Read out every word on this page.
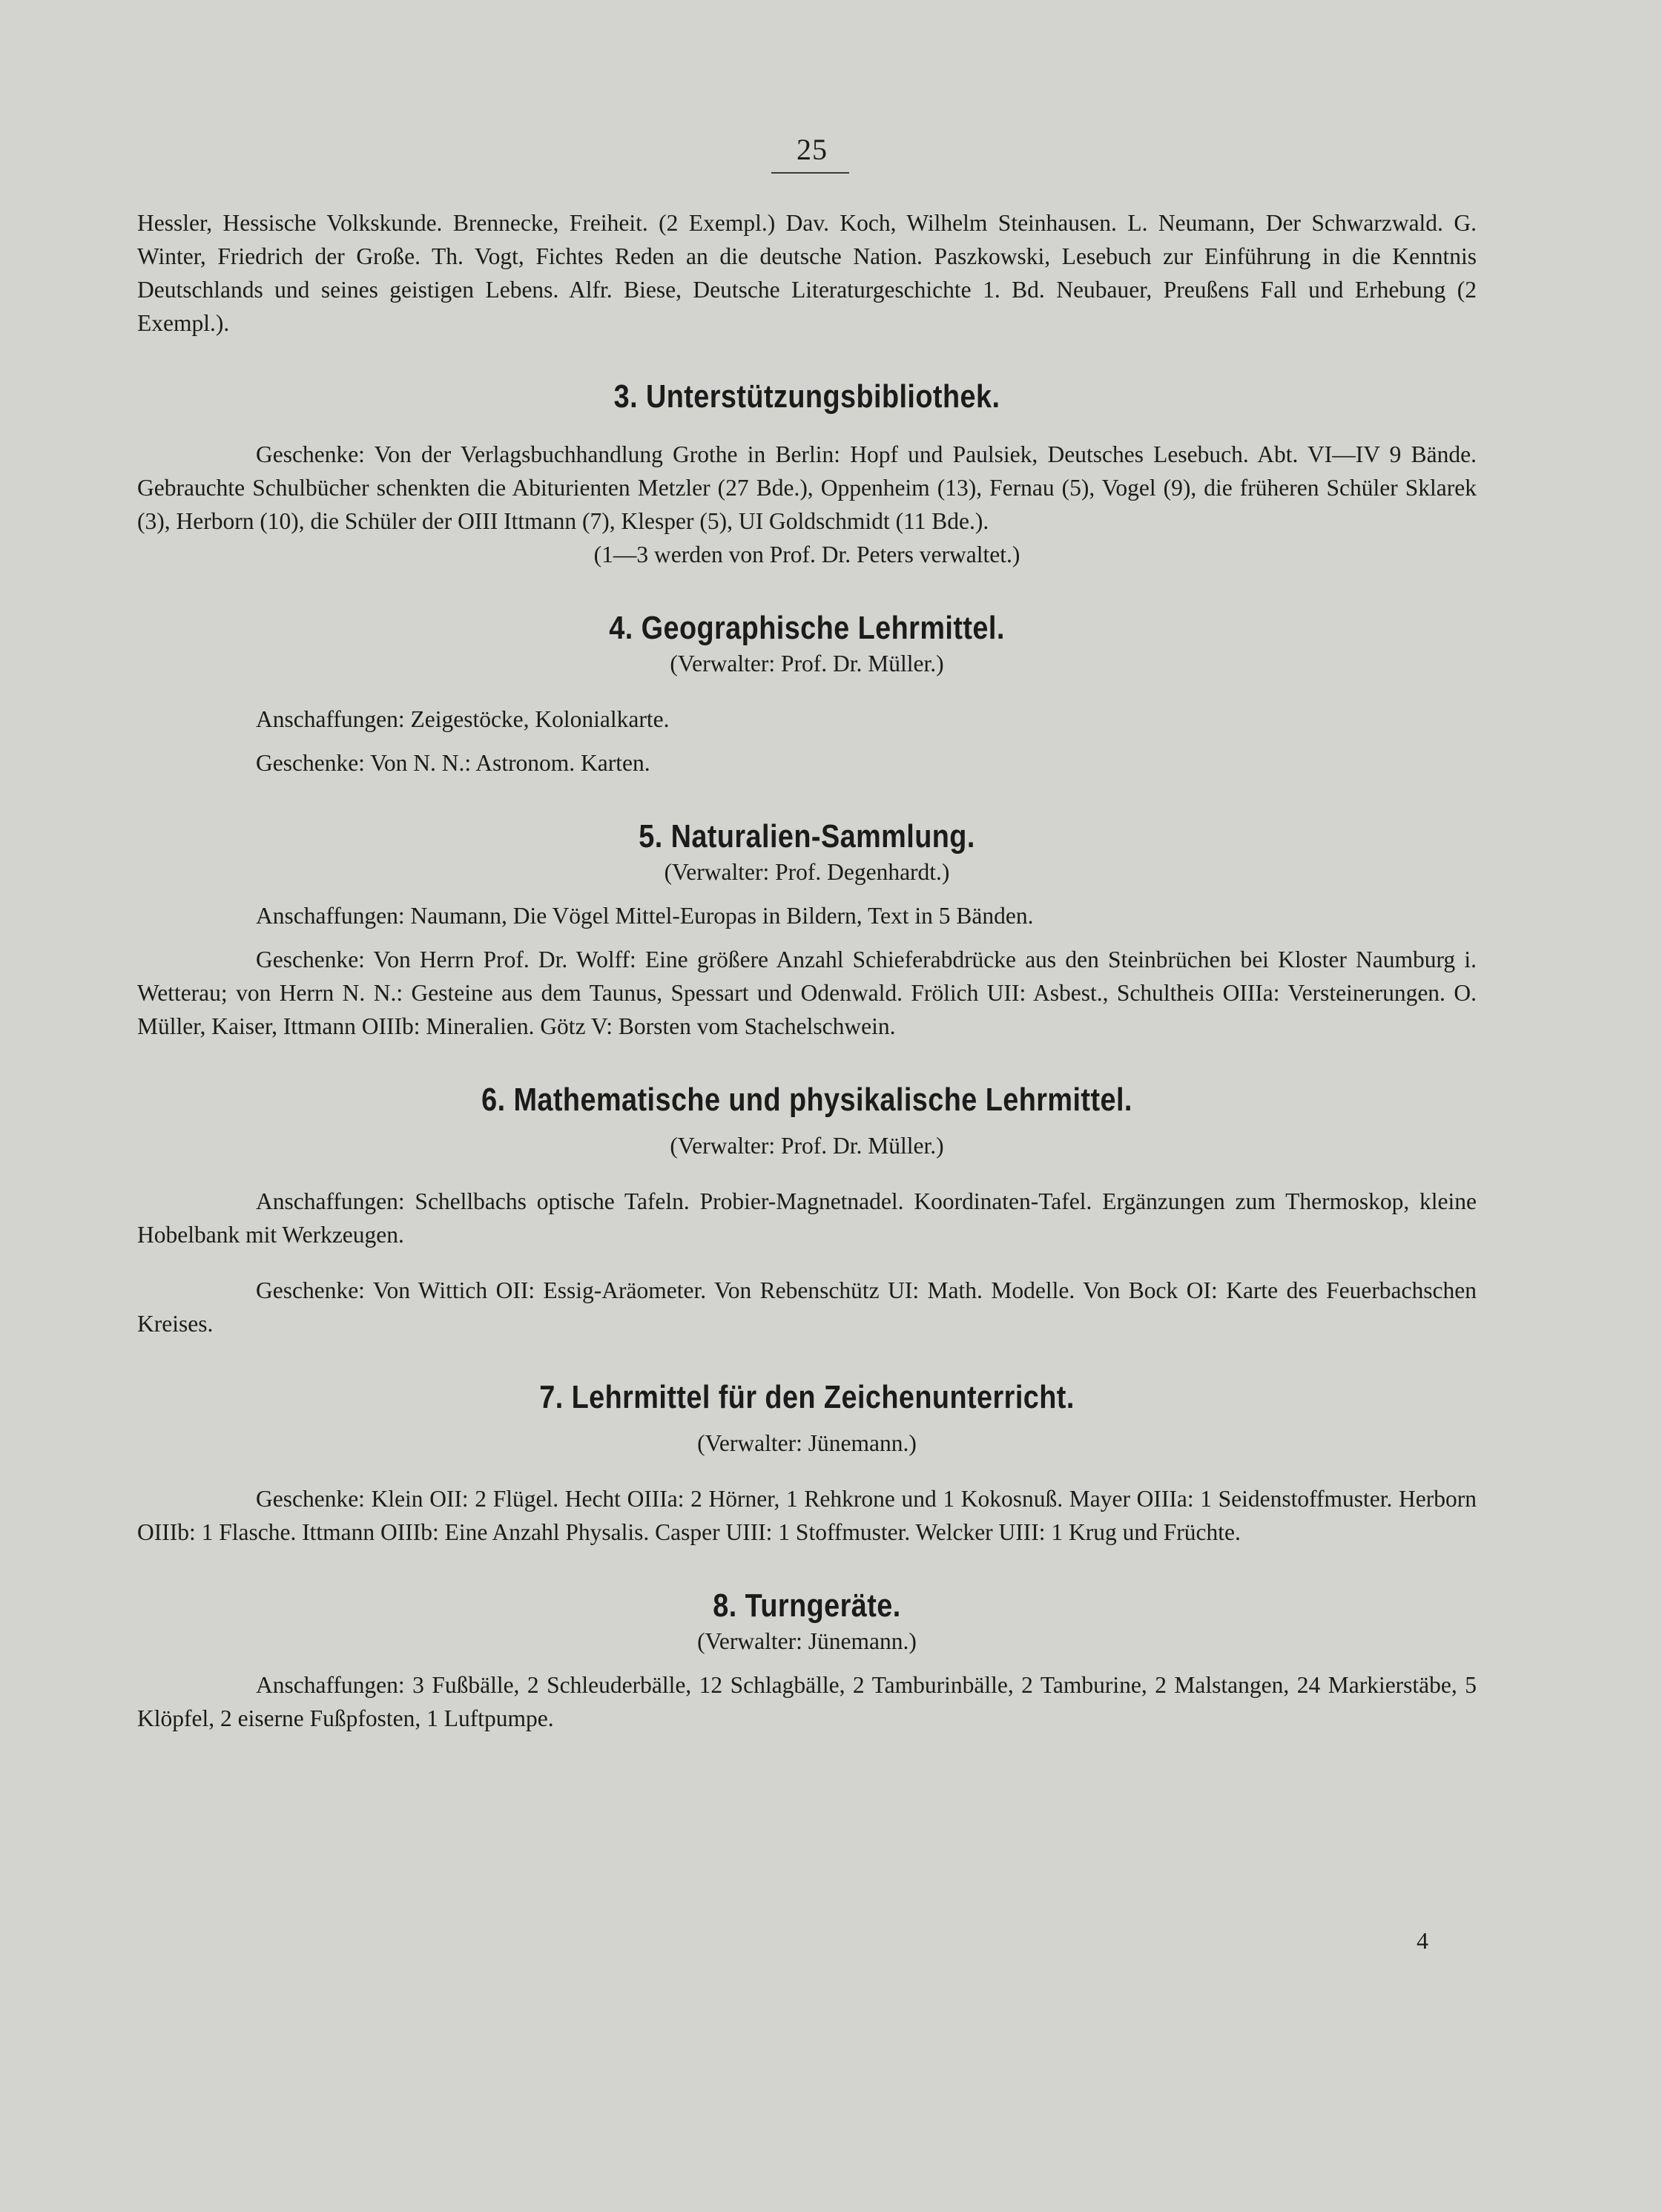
25

Hessler, Hessische Volkskunde. Brennecke, Freiheit. (2 Exempl.) Dav. Koch, Wilhelm Steinhausen. L. Neumann, Der Schwarzwald. G. Winter, Friedrich der Große. Th. Vogt, Fichtes Reden an die deutsche Nation. Paszkowski, Lesebuch zur Einführung in die Kenntnis Deutschlands und seines geistigen Lebens. Alfr. Biese, Deutsche Literaturgeschichte 1. Bd. Neubauer, Preußens Fall und Erhebung (2 Exempl.).

3. Unterstützungsbibliothek.

Geschenke: Von der Verlagsbuchhandlung Grothe in Berlin: Hopf und Paulsiek, Deutsches Lesebuch. Abt. VI—IV 9 Bände. Gebrauchte Schulbücher schenkten die Abiturienten Metzler (27 Bde.), Oppenheim (13), Fernau (5), Vogel (9), die früheren Schüler Sklarek (3), Herborn (10), die Schüler der OIII Ittmann (7), Klesper (5), UI Goldschmidt (11 Bde.).

(1—3 werden von Prof. Dr. Peters verwaltet.)

4. Geographische Lehrmittel.

(Verwalter: Prof. Dr. Müller.)

Anschaffungen: Zeigestöcke, Kolonialkarte.

Geschenke: Von N. N.: Astronom. Karten.

5. Naturalien-Sammlung.

(Verwalter: Prof. Degenhardt.)

Anschaffungen: Naumann, Die Vögel Mittel-Europas in Bildern, Text in 5 Bänden.

Geschenke: Von Herrn Prof. Dr. Wolff: Eine größere Anzahl Schieferabdrücke aus den Steinbrüchen bei Kloster Naumburg i. Wetterau; von Herrn N. N.: Gesteine aus dem Taunus, Spessart und Odenwald. Frölich UII: Asbest., Schultheis OIIIa: Versteinerungen. O. Müller, Kaiser, Ittmann OIIIb: Mineralien. Götz V: Borsten vom Stachelschwein.

6. Mathematische und physikalische Lehrmittel.

(Verwalter: Prof. Dr. Müller.)

Anschaffungen: Schellbachs optische Tafeln. Probier-Magnetnadel. Koordinaten-Tafel. Ergänzungen zum Thermoskop, kleine Hobelbank mit Werkzeugen.

Geschenke: Von Wittich OII: Essig-Aräometer. Von Rebenschütz UI: Math. Modelle. Von Bock OI: Karte des Feuerbachschen Kreises.

7. Lehrmittel für den Zeichenunterricht.

(Verwalter: Jünemann.)

Geschenke: Klein OII: 2 Flügel. Hecht OIIIa: 2 Hörner, 1 Rehkrone und 1 Kokosnuß. Mayer OIIIa: 1 Seidenstoffmuster. Herborn OIIIb: 1 Flasche. Ittmann OIIIb: Eine Anzahl Physalis. Casper UIII: 1 Stoffmuster. Welcker UIII: 1 Krug und Früchte.

8. Turngeräte.

(Verwalter: Jünemann.)

Anschaffungen: 3 Fußbälle, 2 Schleuderbälle, 12 Schlagbälle, 2 Tamburinbälle, 2 Tamburine, 2 Malstangen, 24 Markierstäbe, 5 Klöpfel, 2 eiserne Fußpfosten, 1 Luftpumpe.

4
